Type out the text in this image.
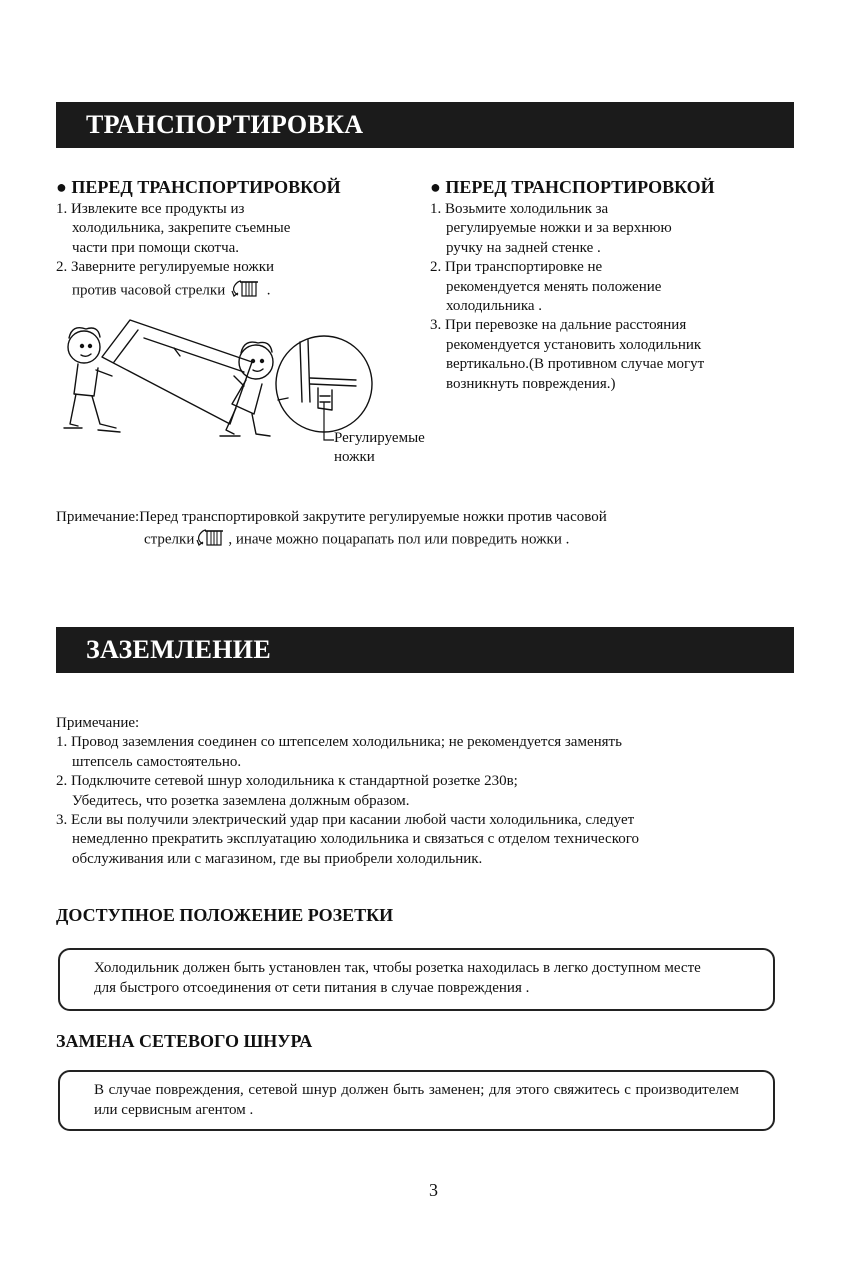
ТРАНСПОРТИРОВКА
● ПЕРЕД ТРАНСПОРТИРОВКОЙ
1. Извлеките все продукты из
холодильника, закрепите съемные
части при помощи скотча.
2. Заверните регулируемые ножки
против часовой стрелки	.
● ПЕРЕД ТРАНСПОРТИРОВКОЙ
1. Возьмите холодильник за
регулируемые ножки и за верхнюю
ручку на задней стенке .
2. При транспортировке не
рекомендуется менять положение
холодильника .
3. При перевозке на дальние расстояния
рекомендуется установить холодильник
вертикально.(В противном случае могут
возникнуть повреждения.)
Регулируемые
ножки
Примечание:Перед транспортировкой закрутите регулируемые ножки против часовой
стрелки , иначе можно поцарапать пол или повредить ножки .
ЗАЗЕМЛЕНИЕ
Примечание:
1. Провод заземления соединен со штепселем холодильника; не рекомендуется заменять
штепсель самостоятельно.
2. Подключите сетевой шнур холодильника к стандартной розетке 230в;
Убедитесь, что розетка заземлена должным образом.
3. Если вы получили электрический удар при касании любой части холодильника, следует
немедленно прекратить эксплуатацию холодильника и связаться с отделом технического
обслуживания или с магазином, где вы приобрели холодильник.
ДОСТУПНОЕ ПОЛОЖЕНИЕ РОЗЕТКИ
Холодильник должен быть установлен так, чтобы розетка находилась в легко доступном месте
для быстрого отсоединения от сети питания в случае повреждения .
ЗАМЕНА СЕТЕВОГО ШНУРА
В случае повреждения, сетевой шнур должен быть заменен; для этого свяжитесь с производителем или сервисным агентом .
3
